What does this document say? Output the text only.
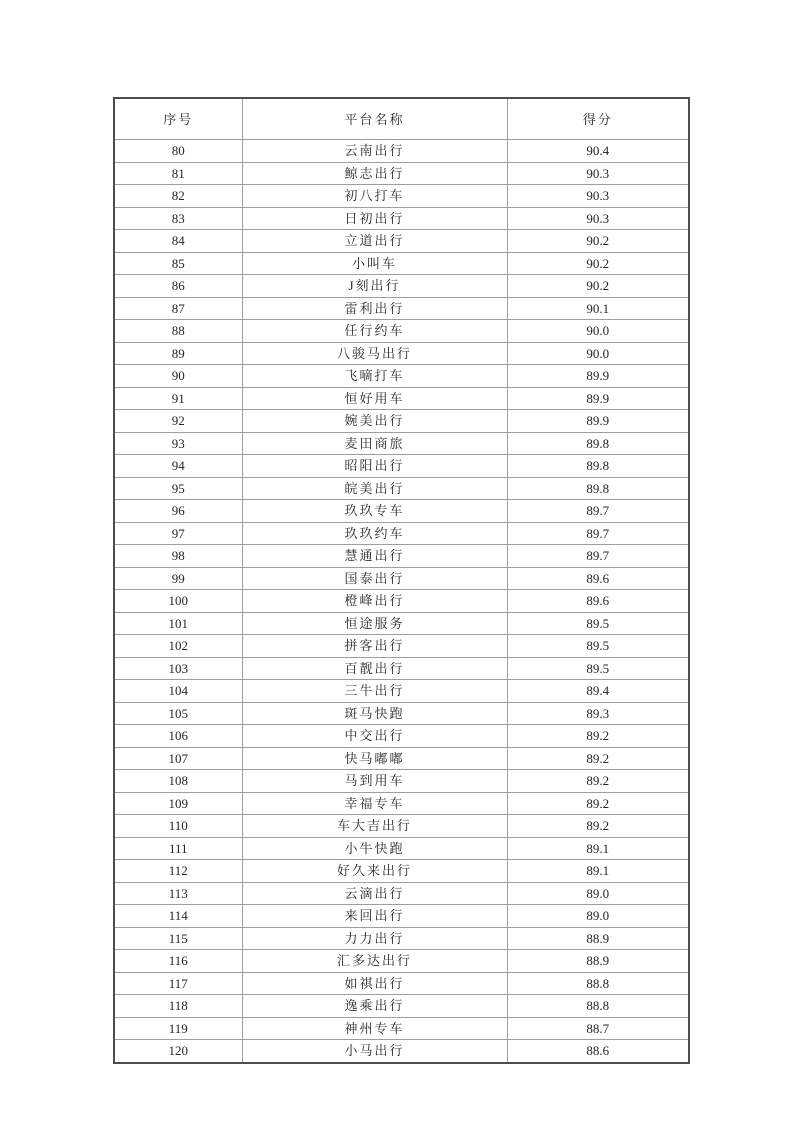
序号	平台名称	得分
80	云南出行	90.4
81	鲸志出行	90.3
82	初八打车	90.3
83	日初出行	90.3
84	立道出行	90.2
85	小叫车	90.2
86	J刻出行	90.2
87	雷利出行	90.1
88	任行约车	90.0
89	八骏马出行	90.0
90	飞嘀打车	89.9
91	恒好用车	89.9
92	婉美出行	89.9
93	麦田商旅	89.8
94	昭阳出行	89.8
95	皖美出行	89.8
96	玖玖专车	89.7
97	玖玖约车	89.7
98	慧通出行	89.7
99	国泰出行	89.6
100	橙峰出行	89.6
101	恒途服务	89.5
102	拼客出行	89.5
103	百靓出行	89.5
104	三牛出行	89.4
105	斑马快跑	89.3
106	中交出行	89.2
107	快马嘟嘟	89.2
108	马到用车	89.2
109	幸福专车	89.2
110	车大吉出行	89.2
111	小牛快跑	89.1
112	好久来出行	89.1
113	云滴出行	89.0
114	来回出行	89.0
115	力力出行	88.9
116	汇多达出行	88.9
117	如祺出行	88.8
118	逸乘出行	88.8
119	神州专车	88.7
120	小马出行	88.6
